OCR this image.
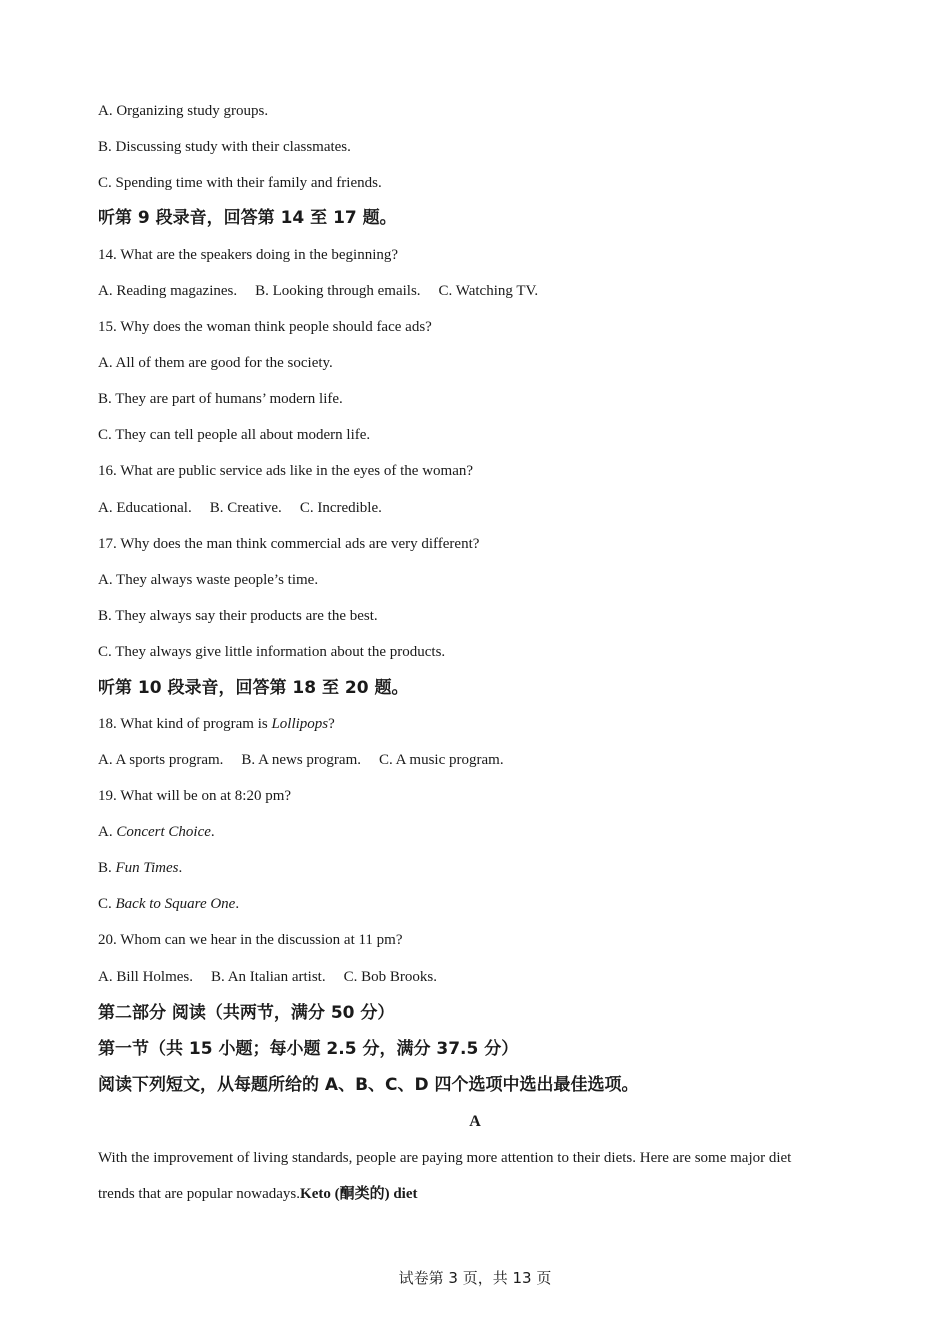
A. Organizing study groups.
B. Discussing study with their classmates.
C. Spending time with their family and friends.
听第 9 段录音，回答第 14 至 17 题。
14. What are the speakers doing in the beginning?
A. Reading magazines. B. Looking through emails. C. Watching TV.
15. Why does the woman think people should face ads?
A. All of them are good for the society.
B. They are part of humans’ modern life.
C. They can tell people all about modern life.
16. What are public service ads like in the eyes of the woman?
A. Educational. B. Creative. C. Incredible.
17. Why does the man think commercial ads are very different?
A. They always waste people’s time.
B. They always say their products are the best.
C. They always give little information about the products.
听第 10 段录音，回答第 18 至 20 题。
18. What kind of program is Lollipops?
A. A sports program. B. A news program. C. A music program.
19. What will be on at 8:20 pm?
A. Concert Choice.
B. Fun Times.
C. Back to Square One.
20. Whom can we hear in the discussion at 11 pm?
A. Bill Holmes. B. An Italian artist. C. Bob Brooks.
第二部分 阅读（共两节，满分 50 分）
第一节（共 15 小题；每小题 2.5 分，满分 37.5 分）
阅读下列短文，从每题所给的 A、B、C、D 四个选项中选出最佳选项。
A
With the improvement of living standards, people are paying more attention to their diets. Here are some major diet
trends that are popular nowadays.Keto (酮类的) diet
试卷第 3 页，共 13 页
